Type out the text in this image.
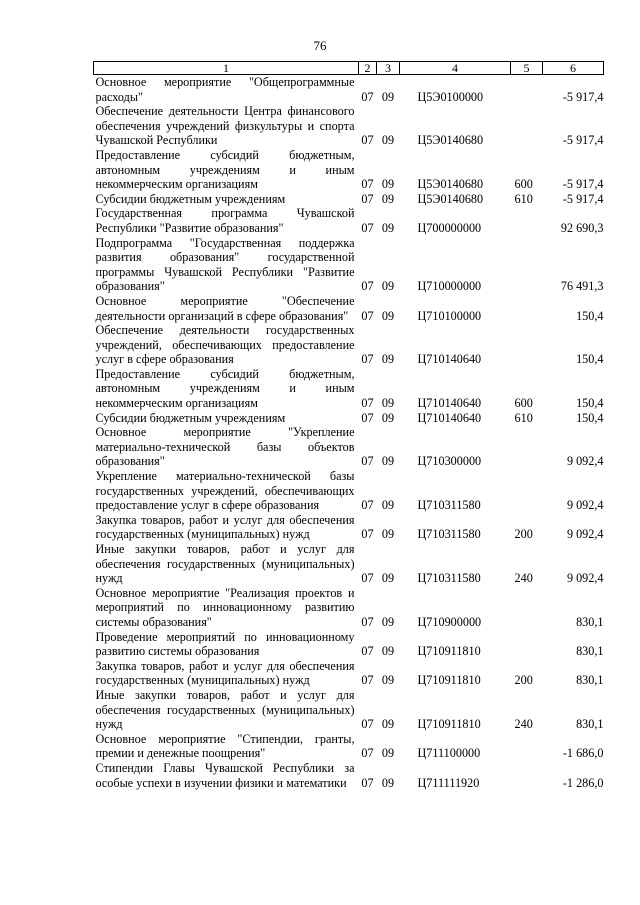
76
1	2	3	4	5	6
Основное мероприятие "Общепрограммные расходы"	07	09	Ц5Э0100000		-5 917,4
Обеспечение деятельности Центра финансового обеспечения учреждений физкультуры и спорта Чувашской Республики	07	09	Ц5Э0140680		-5 917,4
Предоставление субсидий бюджетным, автономным учреждениям и иным некоммерческим организациям	07	09	Ц5Э0140680	600	-5 917,4
Субсидии бюджетным учреждениям	07	09	Ц5Э0140680	610	-5 917,4
Государственная программа Чувашской Республики "Развитие образования"	07	09	Ц700000000		92 690,3
Подпрограмма "Государственная поддержка развития образования" государственной программы Чувашской Республики "Развитие образования"	07	09	Ц710000000		76 491,3
Основное мероприятие "Обеспечение деятельности организаций в сфере образования"	07	09	Ц710100000		150,4
Обеспечение деятельности государственных учреждений, обеспечивающих предоставление услуг в сфере образования	07	09	Ц710140640		150,4
Предоставление субсидий бюджетным, автономным учреждениям и иным некоммерческим организациям	07	09	Ц710140640	600	150,4
Субсидии бюджетным учреждениям	07	09	Ц710140640	610	150,4
Основное мероприятие "Укрепление материально-технической базы объектов образования"	07	09	Ц710300000		9 092,4
Укрепление материально-технической базы государственных учреждений, обеспечивающих предоставление услуг в сфере образования	07	09	Ц710311580		9 092,4
Закупка товаров, работ и услуг для обеспечения государственных (муниципальных) нужд	07	09	Ц710311580	200	9 092,4
Иные закупки товаров, работ и услуг для обеспечения государственных (муниципальных) нужд	07	09	Ц710311580	240	9 092,4
Основное мероприятие "Реализация проектов и мероприятий по инновационному развитию системы образования"	07	09	Ц710900000		830,1
Проведение мероприятий по инновационному развитию системы образования	07	09	Ц710911810		830,1
Закупка товаров, работ и услуг для обеспечения государственных (муниципальных) нужд	07	09	Ц710911810	200	830,1
Иные закупки товаров, работ и услуг для обеспечения государственных (муниципальных) нужд	07	09	Ц710911810	240	830,1
Основное мероприятие "Стипендии, гранты, премии и денежные поощрения"	07	09	Ц711100000		-1 686,0
Стипендии Главы Чувашской Республики за особые успехи в изучении физики и математики	07	09	Ц711111920		-1 286,0
